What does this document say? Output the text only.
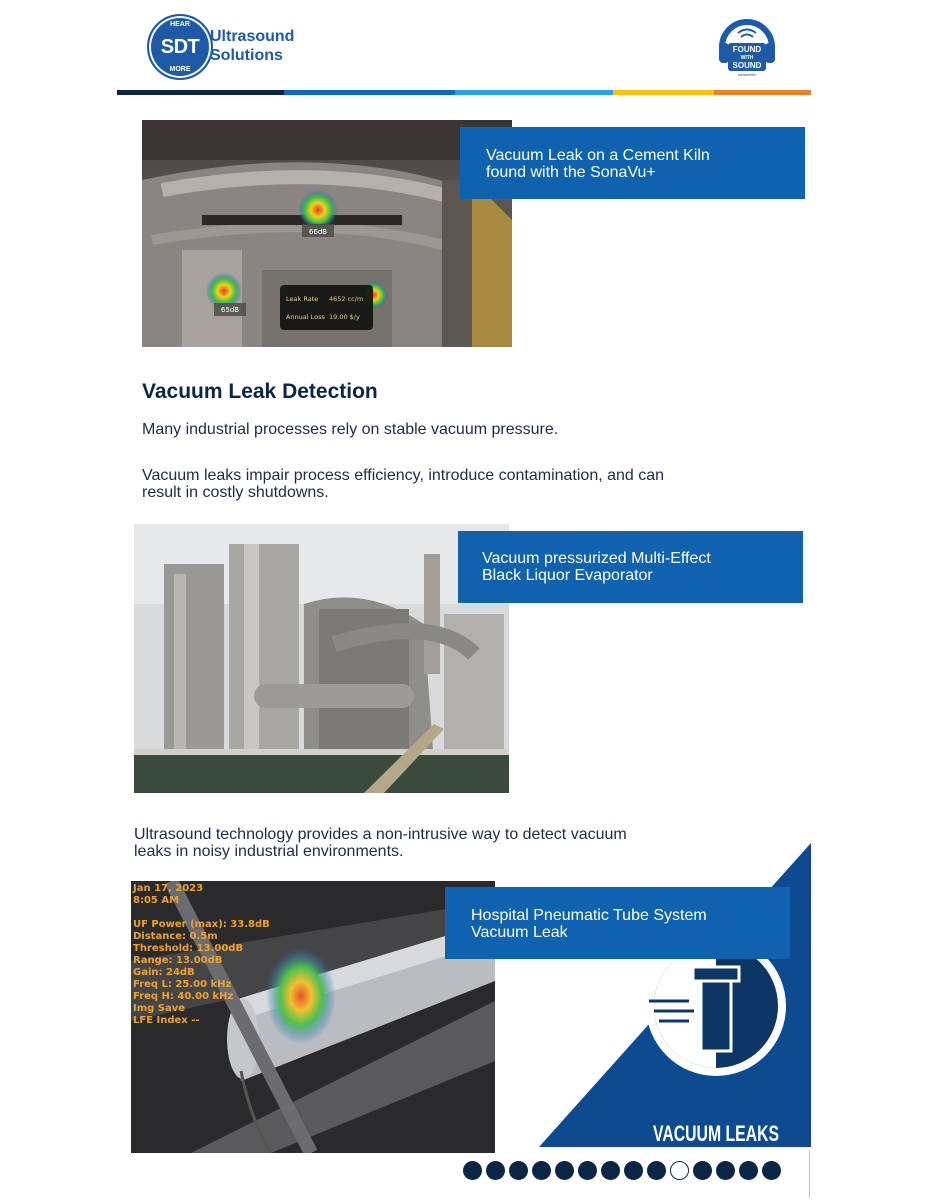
HEAR
SDT
MORE
Ultrasound
Solutions	FOUND
WITH
SOUND
newsletter
66dB
65dB
Leak Rate 4652 cc/m
Annual Loss 19.00 $/y
Vacuum Leak on a Cement Kiln
found with the SonaVu+
Vacuum Leak Detection
Many industrial processes rely on stable vacuum pressure.
Vacuum leaks impair process efficiency, introduce contamination, and can
result in costly shutdowns.
Vacuum pressurized Multi-Effect
Black Liquor Evaporator
VACUUM LEAKS
Ultrasound technology provides a non-intrusive way to detect vacuum
leaks in noisy industrial environments.
Jan 17, 2023
8:05 AM
UF Power (max): 33.8dB
Distance: 0.5m
Threshold: 13.00dB
Range: 13.00dB
Gain: 24dB
Freq L: 25.00 kHz
Freq H: 40.00 kHz
Img Save
LFE Index --
Hospital Pneumatic Tube System
Vacuum Leak
